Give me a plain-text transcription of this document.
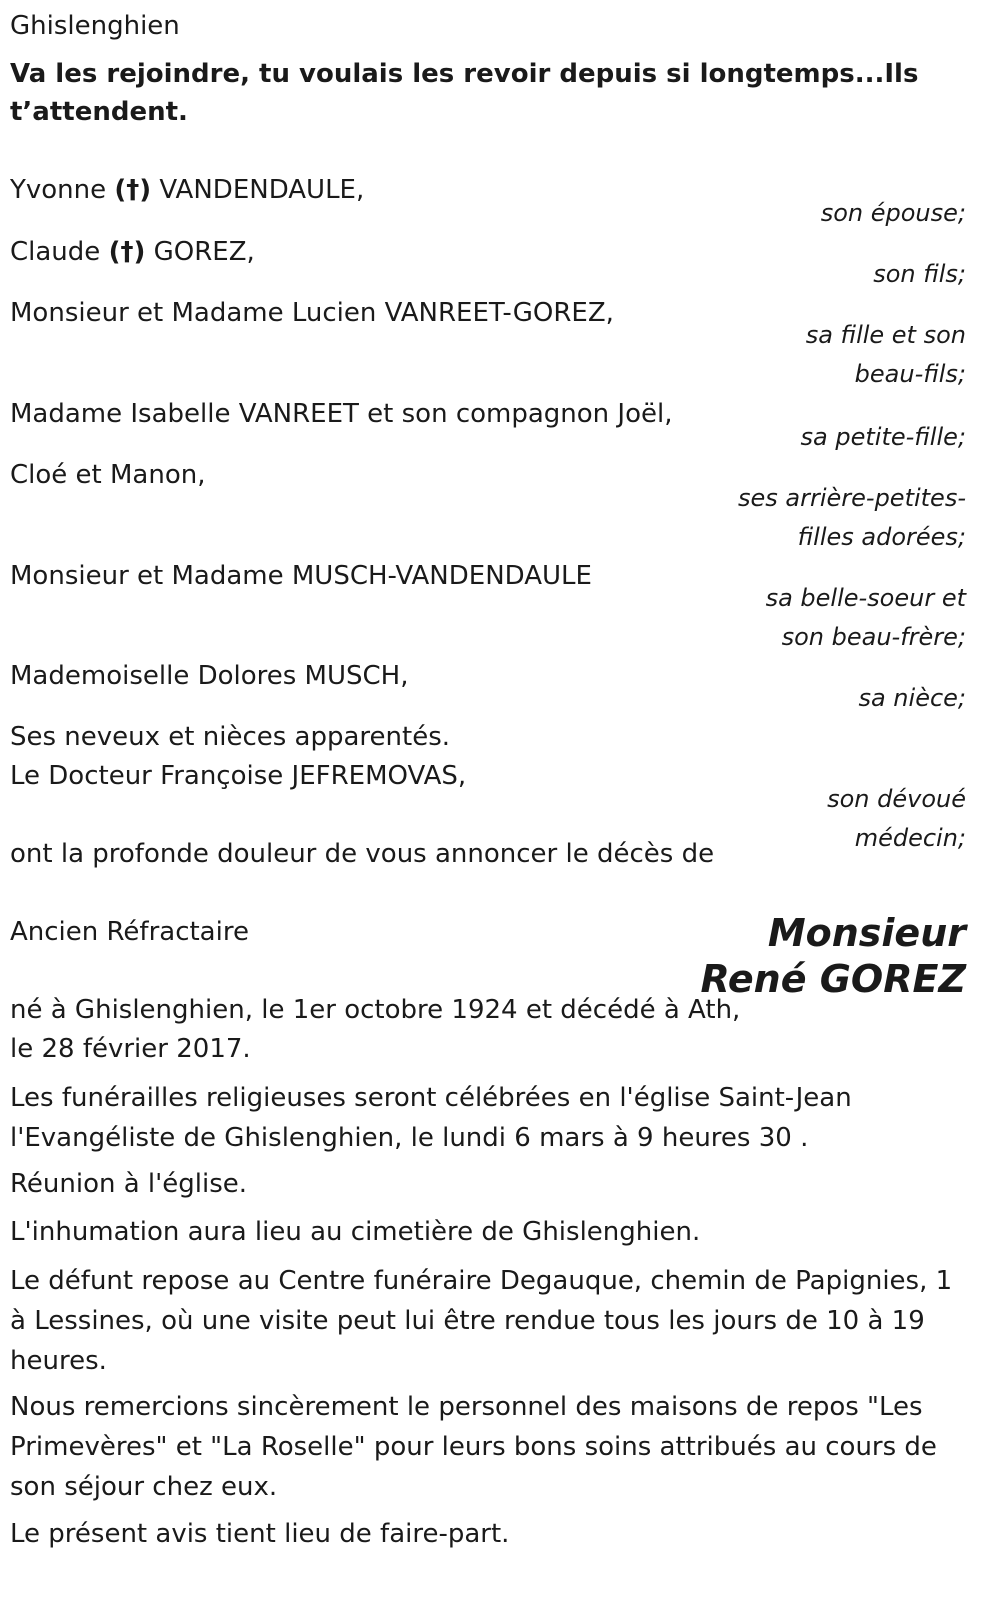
Ghislenghien
Va les rejoindre, tu voulais les revoir depuis si longtemps...Ils
t’attendent.
Yvonne (†) VANDENDAULE,
son épouse;
Claude (†) GOREZ,
son fils;
Monsieur et Madame Lucien VANREET-GOREZ,
sa fille et son
beau-fils;
Madame Isabelle VANREET et son compagnon Joël,
sa petite-fille;
Cloé et Manon,
ses arrière-petites-
filles adorées;
Monsieur et Madame MUSCH-VANDENDAULE
sa belle-soeur et
son beau-frère;
Mademoiselle Dolores MUSCH,
sa nièce;
Ses neveux et nièces apparentés.
Le Docteur Françoise JEFREMOVAS,
son dévoué
médecin;
ont la profonde douleur de vous annoncer le décès de
Ancien Réfractaire	Monsieur
René GOREZ
né à Ghislenghien, le 1er octobre 1924 et décédé à Ath,
le 28 février 2017.
Les funérailles religieuses seront célébrées en l'église Saint-Jean l'Evangéliste de Ghislenghien, le lundi 6 mars à 9 heures 30 .
Réunion à l'église.
L'inhumation aura lieu au cimetière de Ghislenghien.
Le défunt repose au Centre funéraire Degauque, chemin de Papignies, 1 à Lessines, où une visite peut lui être rendue tous les jours de 10 à 19 heures.
Nous remercions sincèrement le personnel des maisons de repos "Les Primevères" et "La Roselle" pour leurs bons soins attribués au cours de son séjour chez eux.
Le présent avis tient lieu de faire-part.
